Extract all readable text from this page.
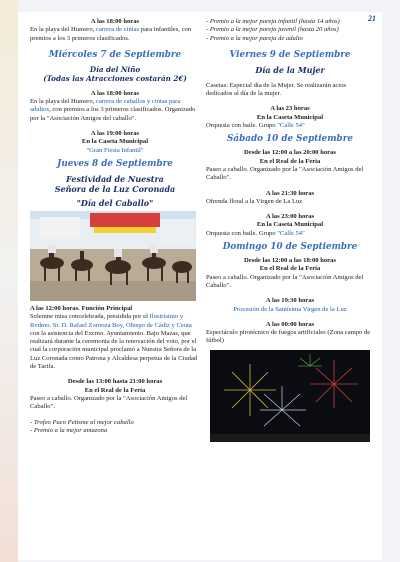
21
A las 18:00 horas
En la playa del Humero, carrera de cintas para infantiles, con premios a los 3 primeros clasificados.
Miércoles 7 de Septiembre
Día del Niño
(Todas las Atracciones costarán 2€)
A las 18:00 horas
En la playa del Humero, carrera de caballos y cintas para adultos, con premios a los 3 primeros clasificados. Organizado por la "Asociación Amigos del caballo".
A las 19:00 horas
En la Caseta Municipal
"Gran Fiesta Infantil"
Jueves 8 de Septiembre
Festividad de Nuestra
Señora de la Luz Coronada
"Día del Caballo"
A las 12:00 horas. Función Principal
Solemne misa concelebrada, presidida por el Ilustrísimo y Rvdmo. Sr. D. Rafael Zornoza Boy, Obispo de Cádiz y Ceuta con la asistencia del Excmo. Ayuntamiento. Bajo Mazas, que realizará durante la ceremonia de la renovación del voto, por el cual la corporación municipal proclamó a Nuestra Señora de la Luz Coronada como Patrona y Alcaldesa perpetua de la Ciudad de Tarifa.
Desde las 13:00 hasta 21:00 horas
En el Real de la Feria
Paseo a caballo. Organizado por la "Asociación Amigos del Caballo".
- Trofeo Paco Petisme al mejor caballo
- Premio a la mejor amazona
- Premio a la mejor pareja infantil (hasta 14 años)
- Premio a la mejor pareja juvenil (hasta 20 años)
- Premio a la mejor pareja de adulto
Viernes 9 de Septiembre
Día de la Mujer
Casetas: Especial día de la Mujer. Se realizarán actos dedicados al día de la mujer.
A las 23 horas
En la Caseta Municipal
Orquesta con baile. Grupo "Calle 54"
Sábado 10 de Septiembre
Desde las 12:00 a las 20:00 horas
En el Real de la Feria
Paseo a caballo. Organizado por la "Asociación Amigos del Caballo".
A las 21:30 horas
Ofrenda floral a la Virgen de La Luz
A las 23:00 horas
En la Caseta Municipal
Orquesta con baile. Grupo "Calle 54"
Domingo 10 de Septiembre
Desde las 12:00 a las 18:00 horas
En el Real de la Feria
Paseo a caballo. Organizado por la "Asociación Amigos del Caballo".
A las 19:30 horas
Procesión de la Santísima Virgen de la Luz
A las 00:00 horas
Espectáculo pirotécnico de fuegos artificiales (Zona campo de fútbol)
